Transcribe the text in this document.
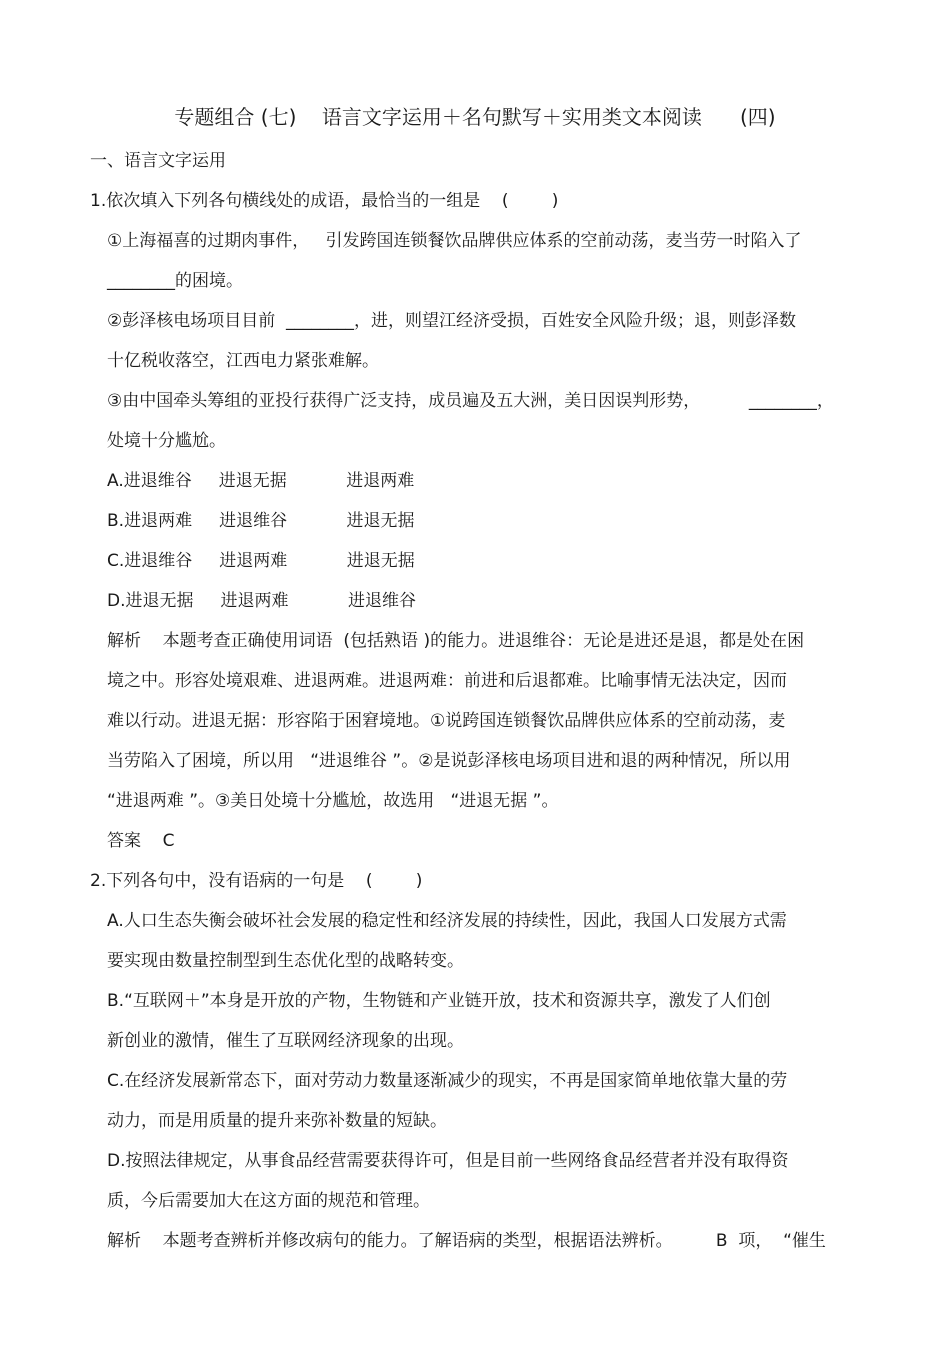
专题组合 (七)    语言文字运用＋名句默写＋实用类文本阅读      (四)
一、语言文字运用
1.依次填入下列各句横线处的成语，最恰当的一组是    (        )
①上海福喜的过期肉事件，   引发跨国连锁餐饮品牌供应体系的空前动荡，麦当劳一时陷入了
________的困境。
②彭泽核电场项目目前  ________，进，则望江经济受损，百姓安全风险升级；退，则彭泽数
十亿税收落空，江西电力紧张难解。
③由中国牵头筹组的亚投行获得广泛支持，成员遍及五大洲，美日因误判形势，         ________，
处境十分尴尬。
A.进退维谷     进退无据           进退两难
B.进退两难     进退维谷           进退无据
C.进退维谷     进退两难           进退无据
D.进退无据     进退两难           进退维谷
解析    本题考查正确使用词语  (包括熟语 )的能力。进退维谷：无论是进还是退，都是处在困
境之中。形容处境艰难、进退两难。进退两难：前进和后退都难。比喻事情无法决定，因而
难以行动。进退无据：形容陷于困窘境地。①说跨国连锁餐饮品牌供应体系的空前动荡，麦
当劳陷入了困境，所以用   “进退维谷 ”。②是说彭泽核电场项目进和退的两种情况，所以用
“进退两难 ”。③美日处境十分尴尬，故选用   “进退无据 ”。
答案    C
2.下列各句中，没有语病的一句是    (        )
A.人口生态失衡会破坏社会发展的稳定性和经济发展的持续性，因此，我国人口发展方式需
要实现由数量控制型到生态优化型的战略转变。
B.“互联网＋”本身是开放的产物，生物链和产业链开放，技术和资源共享，激发了人们创
新创业的激情，催生了互联网经济现象的出现。
C.在经济发展新常态下，面对劳动力数量逐渐减少的现实，不再是国家简单地依靠大量的劳
动力，而是用质量的提升来弥补数量的短缺。
D.按照法律规定，从事食品经营需要获得许可，但是目前一些网络食品经营者并没有取得资
质，今后需要加大在这方面的规范和管理。
解析    本题考查辨析并修改病句的能力。了解语病的类型，根据语法辨析。        B  项，  “催生
